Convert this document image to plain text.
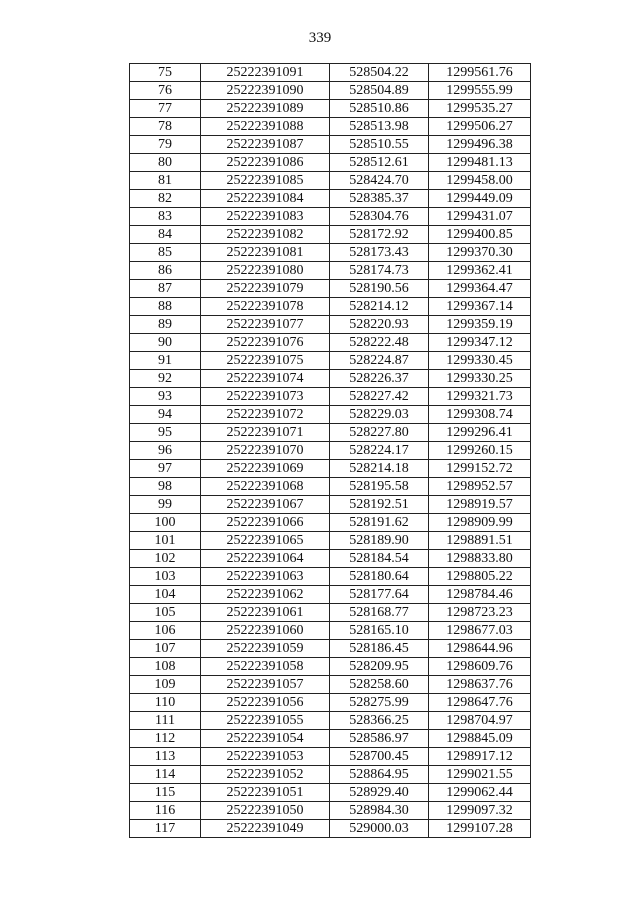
339
75	25222391091	528504.22	1299561.76
76	25222391090	528504.89	1299555.99
77	25222391089	528510.86	1299535.27
78	25222391088	528513.98	1299506.27
79	25222391087	528510.55	1299496.38
80	25222391086	528512.61	1299481.13
81	25222391085	528424.70	1299458.00
82	25222391084	528385.37	1299449.09
83	25222391083	528304.76	1299431.07
84	25222391082	528172.92	1299400.85
85	25222391081	528173.43	1299370.30
86	25222391080	528174.73	1299362.41
87	25222391079	528190.56	1299364.47
88	25222391078	528214.12	1299367.14
89	25222391077	528220.93	1299359.19
90	25222391076	528222.48	1299347.12
91	25222391075	528224.87	1299330.45
92	25222391074	528226.37	1299330.25
93	25222391073	528227.42	1299321.73
94	25222391072	528229.03	1299308.74
95	25222391071	528227.80	1299296.41
96	25222391070	528224.17	1299260.15
97	25222391069	528214.18	1299152.72
98	25222391068	528195.58	1298952.57
99	25222391067	528192.51	1298919.57
100	25222391066	528191.62	1298909.99
101	25222391065	528189.90	1298891.51
102	25222391064	528184.54	1298833.80
103	25222391063	528180.64	1298805.22
104	25222391062	528177.64	1298784.46
105	25222391061	528168.77	1298723.23
106	25222391060	528165.10	1298677.03
107	25222391059	528186.45	1298644.96
108	25222391058	528209.95	1298609.76
109	25222391057	528258.60	1298637.76
110	25222391056	528275.99	1298647.76
111	25222391055	528366.25	1298704.97
112	25222391054	528586.97	1298845.09
113	25222391053	528700.45	1298917.12
114	25222391052	528864.95	1299021.55
115	25222391051	528929.40	1299062.44
116	25222391050	528984.30	1299097.32
117	25222391049	529000.03	1299107.28
